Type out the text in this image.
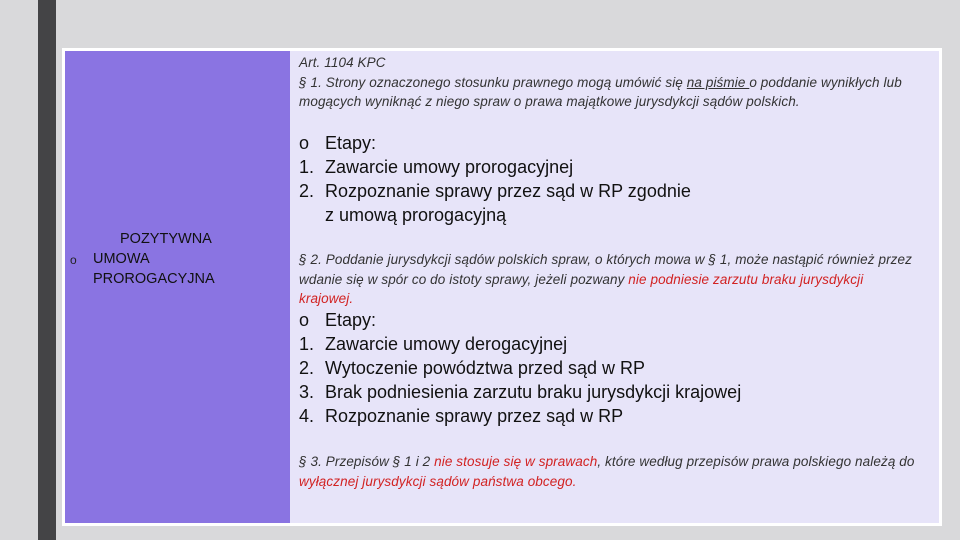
POZYTYWNA
o	UMOWA
PROROGACYJNA
Art. 1104 KPC
§ 1. Strony oznaczonego stosunku prawnego mogą umówić się na piśmie o poddanie wynikłych lub mogących wyniknąć z niego spraw o prawa majątkowe jurysdykcji sądów polskich.
o Etapy:
1. Zawarcie umowy prorogacyjnej
2. Rozpoznanie sprawy przez sąd w RP zgodnie
z umową prorogacyjną
§ 2. Poddanie jurysdykcji sądów polskich spraw, o których mowa w § 1, może nastąpić również przez wdanie się w spór co do istoty sprawy, jeżeli pozwany nie podniesie zarzutu braku jurysdykcji krajowej.
o Etapy:
1. Zawarcie umowy derogacyjnej
2. Wytoczenie powództwa przed sąd w RP
3. Brak podniesienia zarzutu braku jurysdykcji krajowej
4. Rozpoznanie sprawy przez sąd w RP
§ 3. Przepisów § 1 i 2 nie stosuje się w sprawach, które według przepisów prawa polskiego należą do wyłącznej jurysdykcji sądów państwa obcego.
